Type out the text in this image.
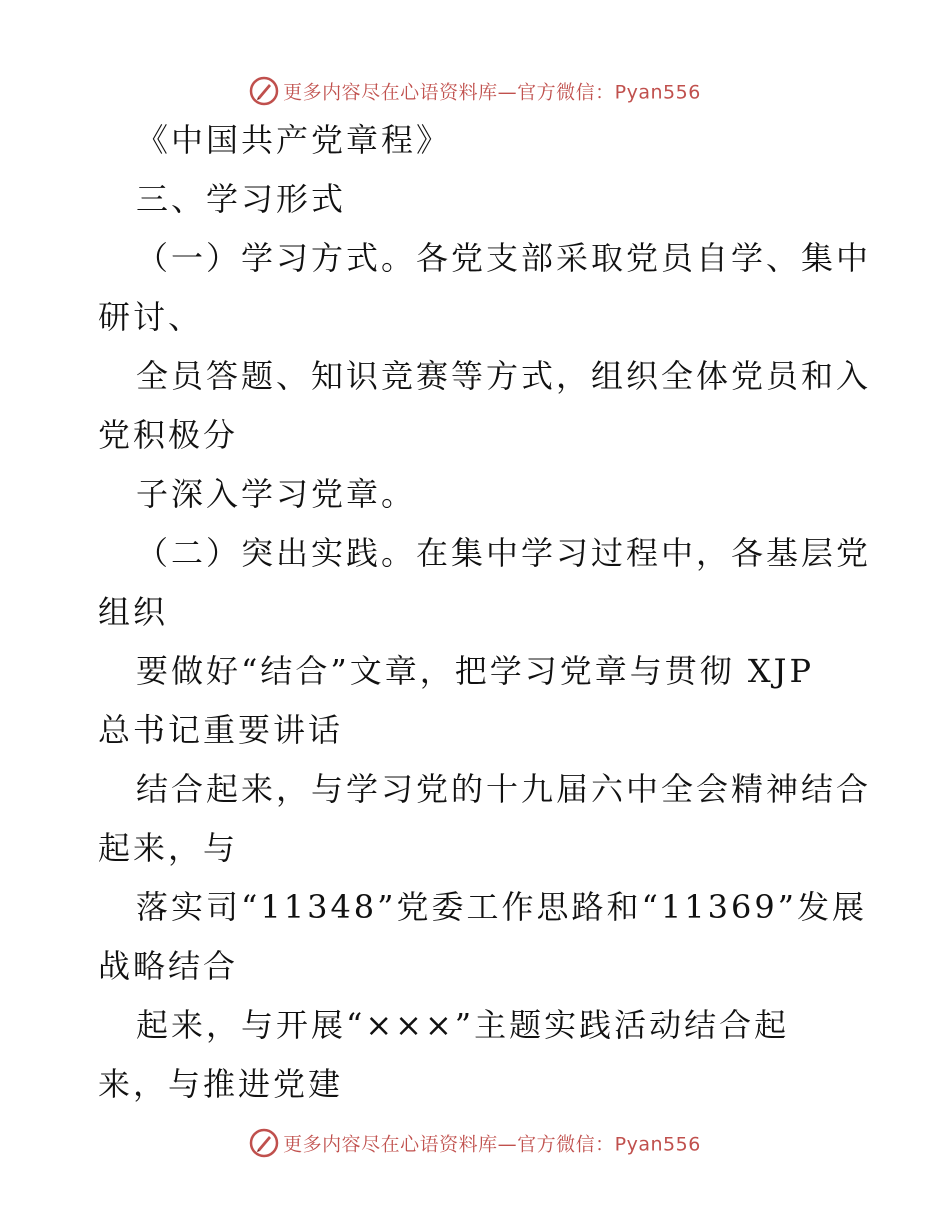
更多内容尽在心语资料库—官方微信：Pyan556
《中国共产党章程》
三、学习形式
（一）学习方式。各党支部采取党员自学、集中
研讨、
全员答题、知识竞赛等方式，组织全体党员和入
党积极分
子深入学习党章。
（二）突出实践。在集中学习过程中，各基层党
组织
要做好“结合”文章，把学习党章与贯彻 XJP
总书记重要讲话
结合起来，与学习党的十九届六中全会精神结合
起来，与
落实司“11348”党委工作思路和“11369”发展
战略结合
起来，与开展“×××”主题实践活动结合起
来，与推进党建
更多内容尽在心语资料库—官方微信：Pyan556
